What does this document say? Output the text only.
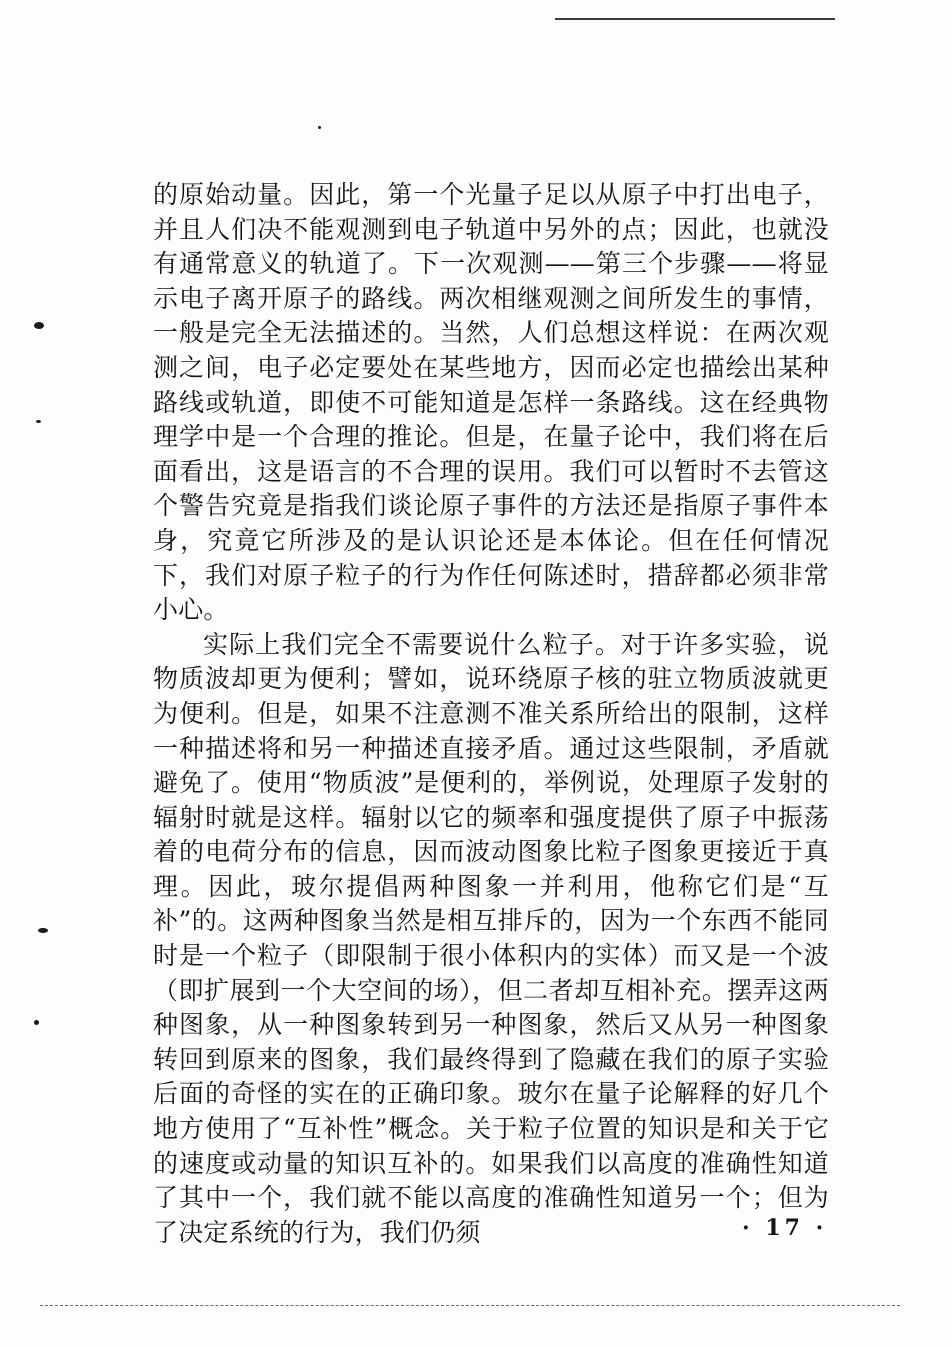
的原始动量。因此，第一个光量子足以从原子中打出电子，并且人们决不能观测到电子轨道中另外的点；因此，也就没有通常意义的轨道了。下一次观测——第三个步骤——将显示电子离开原子的路线。两次相继观测之间所发生的事情，一般是完全无法描述的。当然，人们总想这样说：在两次观测之间，电子必定要处在某些地方，因而必定也描绘出某种路线或轨道，即使不可能知道是怎样一条路线。这在经典物理学中是一个合理的推论。但是，在量子论中，我们将在后面看出，这是语言的不合理的误用。我们可以暂时不去管这个警告究竟是指我们谈论原子事件的方法还是指原子事件本身，究竟它所涉及的是认识论还是本体论。但在任何情况下，我们对原子粒子的行为作任何陈述时，措辞都必须非常小心。

实际上我们完全不需要说什么粒子。对于许多实验，说物质波却更为便利；譬如，说环绕原子核的驻立物质波就更为便利。但是，如果不注意测不准关系所给出的限制，这样一种描述将和另一种描述直接矛盾。通过这些限制，矛盾就避免了。使用“物质波”是便利的，举例说，处理原子发射的辐射时就是这样。辐射以它的频率和强度提供了原子中振荡着的电荷分布的信息，因而波动图象比粒子图象更接近于真理。因此，玻尔提倡两种图象一并利用，他称它们是“互补”的。这两种图象当然是相互排斥的，因为一个东西不能同时是一个粒子（即限制于很小体积内的实体）而又是一个波（即扩展到一个大空间的场），但二者却互相补充。摆弄这两种图象，从一种图象转到另一种图象，然后又从另一种图象转回到原来的图象，我们最终得到了隐藏在我们的原子实验后面的奇怪的实在的正确印象。玻尔在量子论解释的好几个地方使用了“互补性”概念。关于粒子位置的知识是和关于它的速度或动量的知识互补的。如果我们以高度的准确性知道了其中一个，我们就不能以高度的准确性知道另一个；但为了决定系统的行为，我们仍须	· 17 ·
